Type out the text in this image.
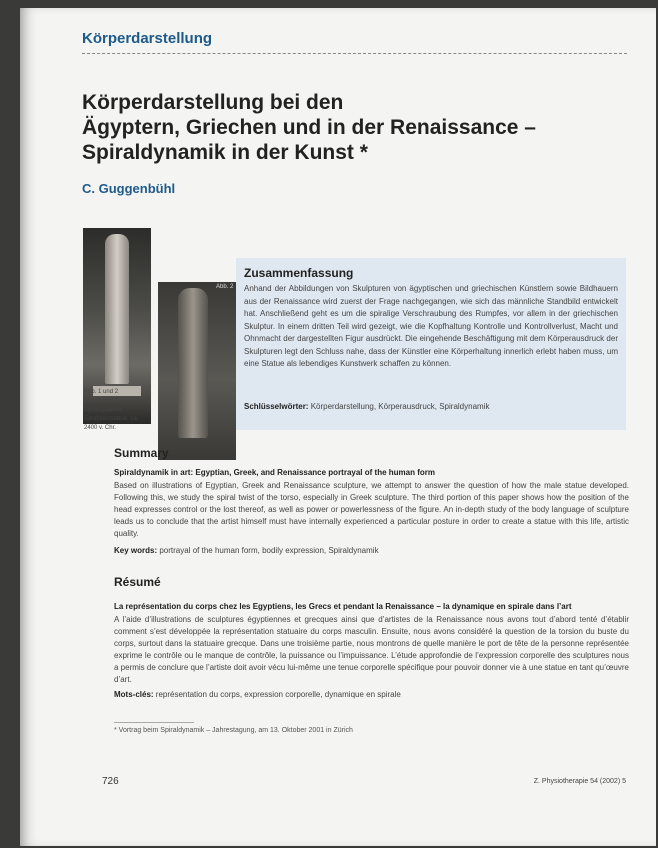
Körperdarstellung
Körperdarstellung bei den
Ägyptern, Griechen und in der Renaissance –
Spiraldynamik in der Kunst *
C. Guggenbühl
Abb. 2
Abb. 1 und 2 Ägyptische Spiraldynamik, Sandsteinstatue, ca. 2400 v. Chr.
Zusammenfassung
Anhand der Abbildungen von Skulpturen von ägyptischen und griechischen Künstlern sowie Bildhauern aus der Renaissance wird zuerst der Frage nachgegangen, wie sich das männliche Standbild entwickelt hat. Anschließend geht es um die spiralige Verschraubung des Rumpfes, vor allem in der griechischen Skulptur. In einem dritten Teil wird gezeigt, wie die Kopfhaltung Kontrolle und Kontrollverlust, Macht und Ohnmacht der dargestellten Figur ausdrückt. Die eingehende Beschäftigung mit dem Körperausdruck der Skulpturen legt den Schluss nahe, dass der Künstler eine Körperhaltung innerlich erlebt haben muss, um eine Statue als lebendiges Kunstwerk schaffen zu können.
Schlüsselwörter: Körperdarstellung, Körperausdruck, Spiraldynamik
Summary
Spiraldynamik in art: Egyptian, Greek, and Renaissance portrayal of the human form
Based on illustrations of Egyptian, Greek and Renaissance sculpture, we attempt to answer the question of how the male statue developed. Following this, we study the spiral twist of the torso, especially in Greek sculpture. The third portion of this paper shows how the position of the head expresses control or the lost thereof, as well as power or powerlessness of the figure. An in-depth study of the body language of sculpture leads us to conclude that the artist himself must have internally experienced a particular posture in order to create a statue with this life, artistic quality.
Key words: portrayal of the human form, bodily expression, Spiraldynamik
Résumé
La représentation du corps chez les Egyptiens, les Grecs et pendant la Renaissance – la dynamique en spirale dans l’art
A l’aide d’illustrations de sculptures égyptiennes et grecques ainsi que d’artistes de la Renaissance nous avons tout d’abord tenté d’établir comment s’est développée la représentation statuaire du corps masculin. Ensuite, nous avons considéré la question de la torsion du buste du corps, surtout dans la statuaire grecque. Dans une troisième partie, nous montrons de quelle manière le port de tête de la personne représentée exprime le contrôle ou le manque de contrôle, la puissance ou l’impuissance. L’étude approfondie de l’expression corporelle des sculptures nous a permis de conclure que l’artiste doit avoir vécu lui-même une tenue corporelle spécifique pour pouvoir donner vie à une statue en tant qu’œuvre d’art.
Mots-clés: représentation du corps, expression corporelle, dynamique en spirale
* Vortrag beim Spiraldynamik – Jahrestagung, am 13. Oktober 2001 in Zürich
726	Z. Physiotherapie 54 (2002) 5
